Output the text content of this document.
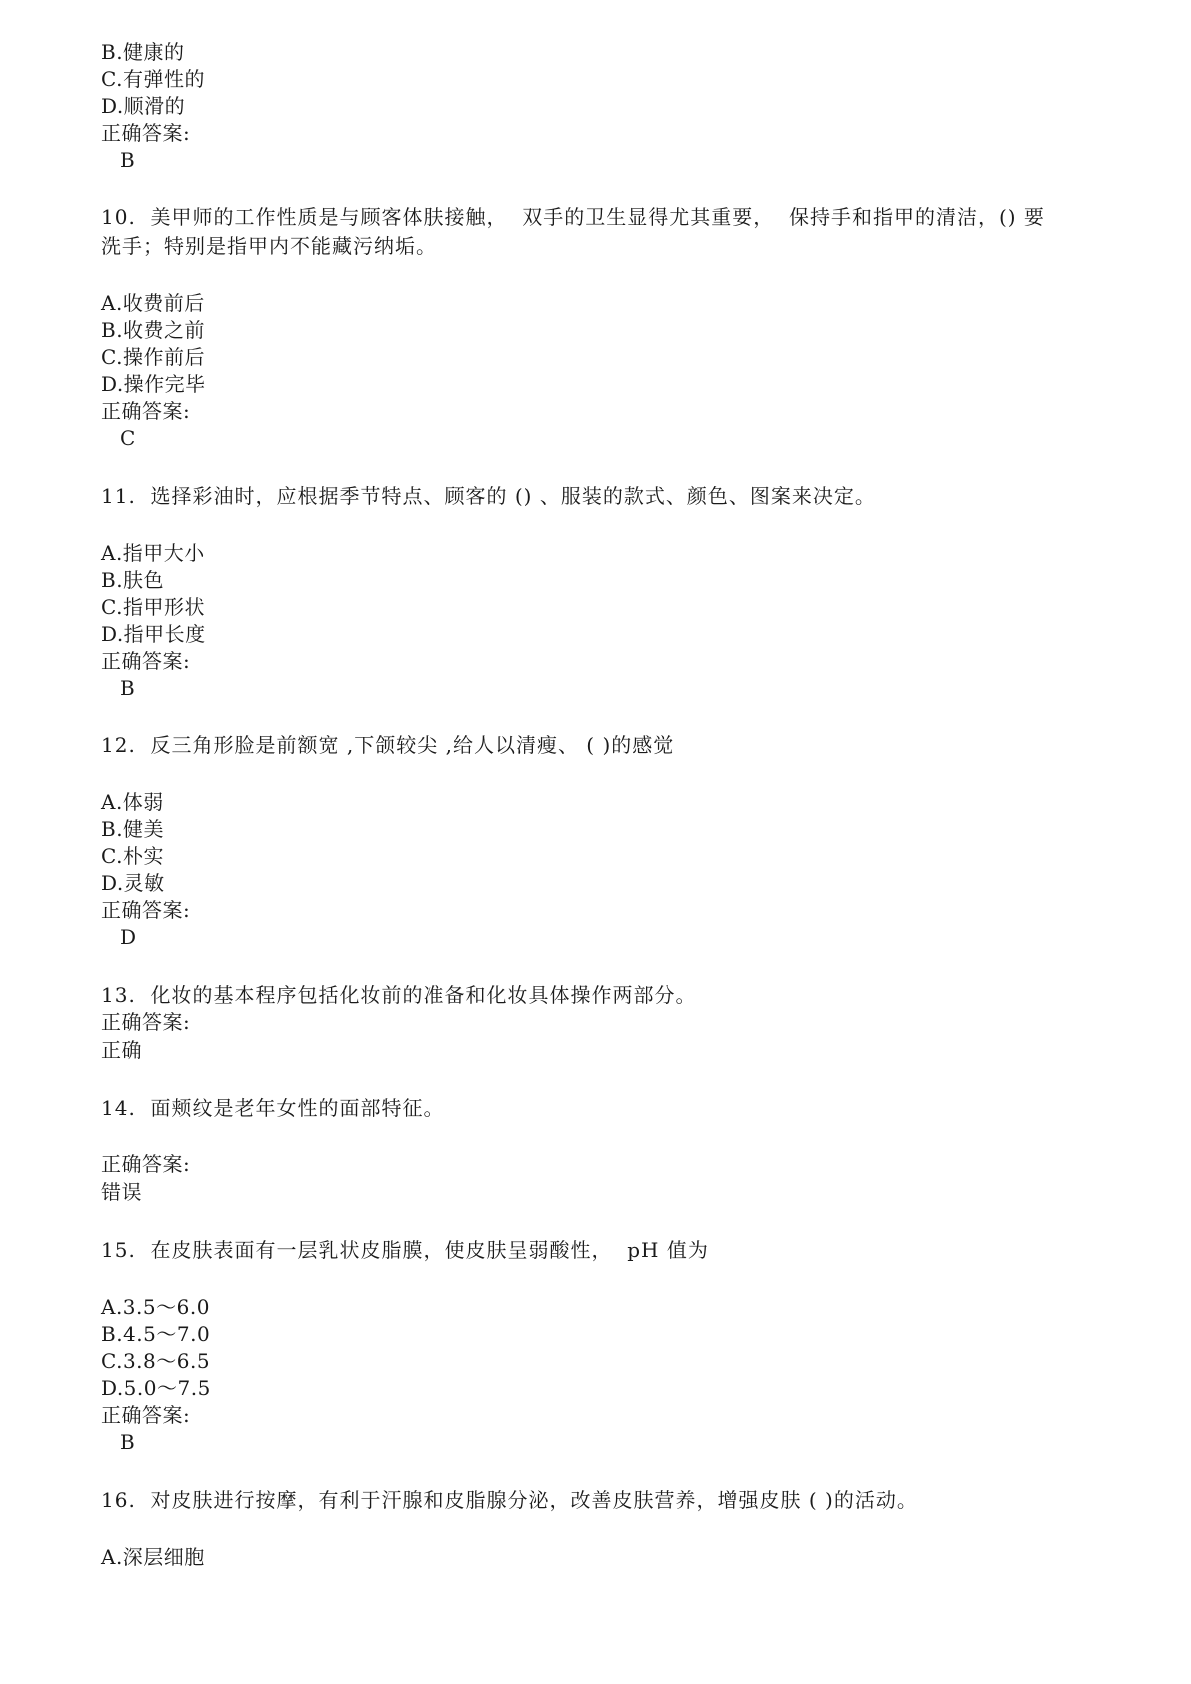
B.健康的
C.有弹性的
D.顺滑的
正确答案:
B
10.  美甲师的工作性质是与顾客体肤接触，  双手的卫生显得尤其重要，  保持手和指甲的清洁，() 要
洗手；特别是指甲内不能藏污纳垢。
A.收费前后
B.收费之前
C.操作前后
D.操作完毕
正确答案:
C
11.  选择彩油时，应根据季节特点、顾客的 () 、服装的款式、颜色、图案来决定。
A.指甲大小
B.肤色
C.指甲形状
D.指甲长度
正确答案:
B
12.  反三角形脸是前额宽 ,下颌较尖 ,给人以清瘦、 ( )的感觉
A.体弱
B.健美
C.朴实
D.灵敏
正确答案:
D
13.  化妆的基本程序包括化妆前的准备和化妆具体操作两部分。
正确答案:
正确
14.  面颊纹是老年女性的面部特征。
正确答案:
错误
15.  在皮肤表面有一层乳状皮脂膜，使皮肤呈弱酸性，  pH 值为
A.3.5～6.0
B.4.5～7.0
C.3.8～6.5
D.5.0～7.5
正确答案:
B
16.  对皮肤进行按摩，有利于汗腺和皮脂腺分泌，改善皮肤营养，增强皮肤 ( )的活动。
A.深层细胞
